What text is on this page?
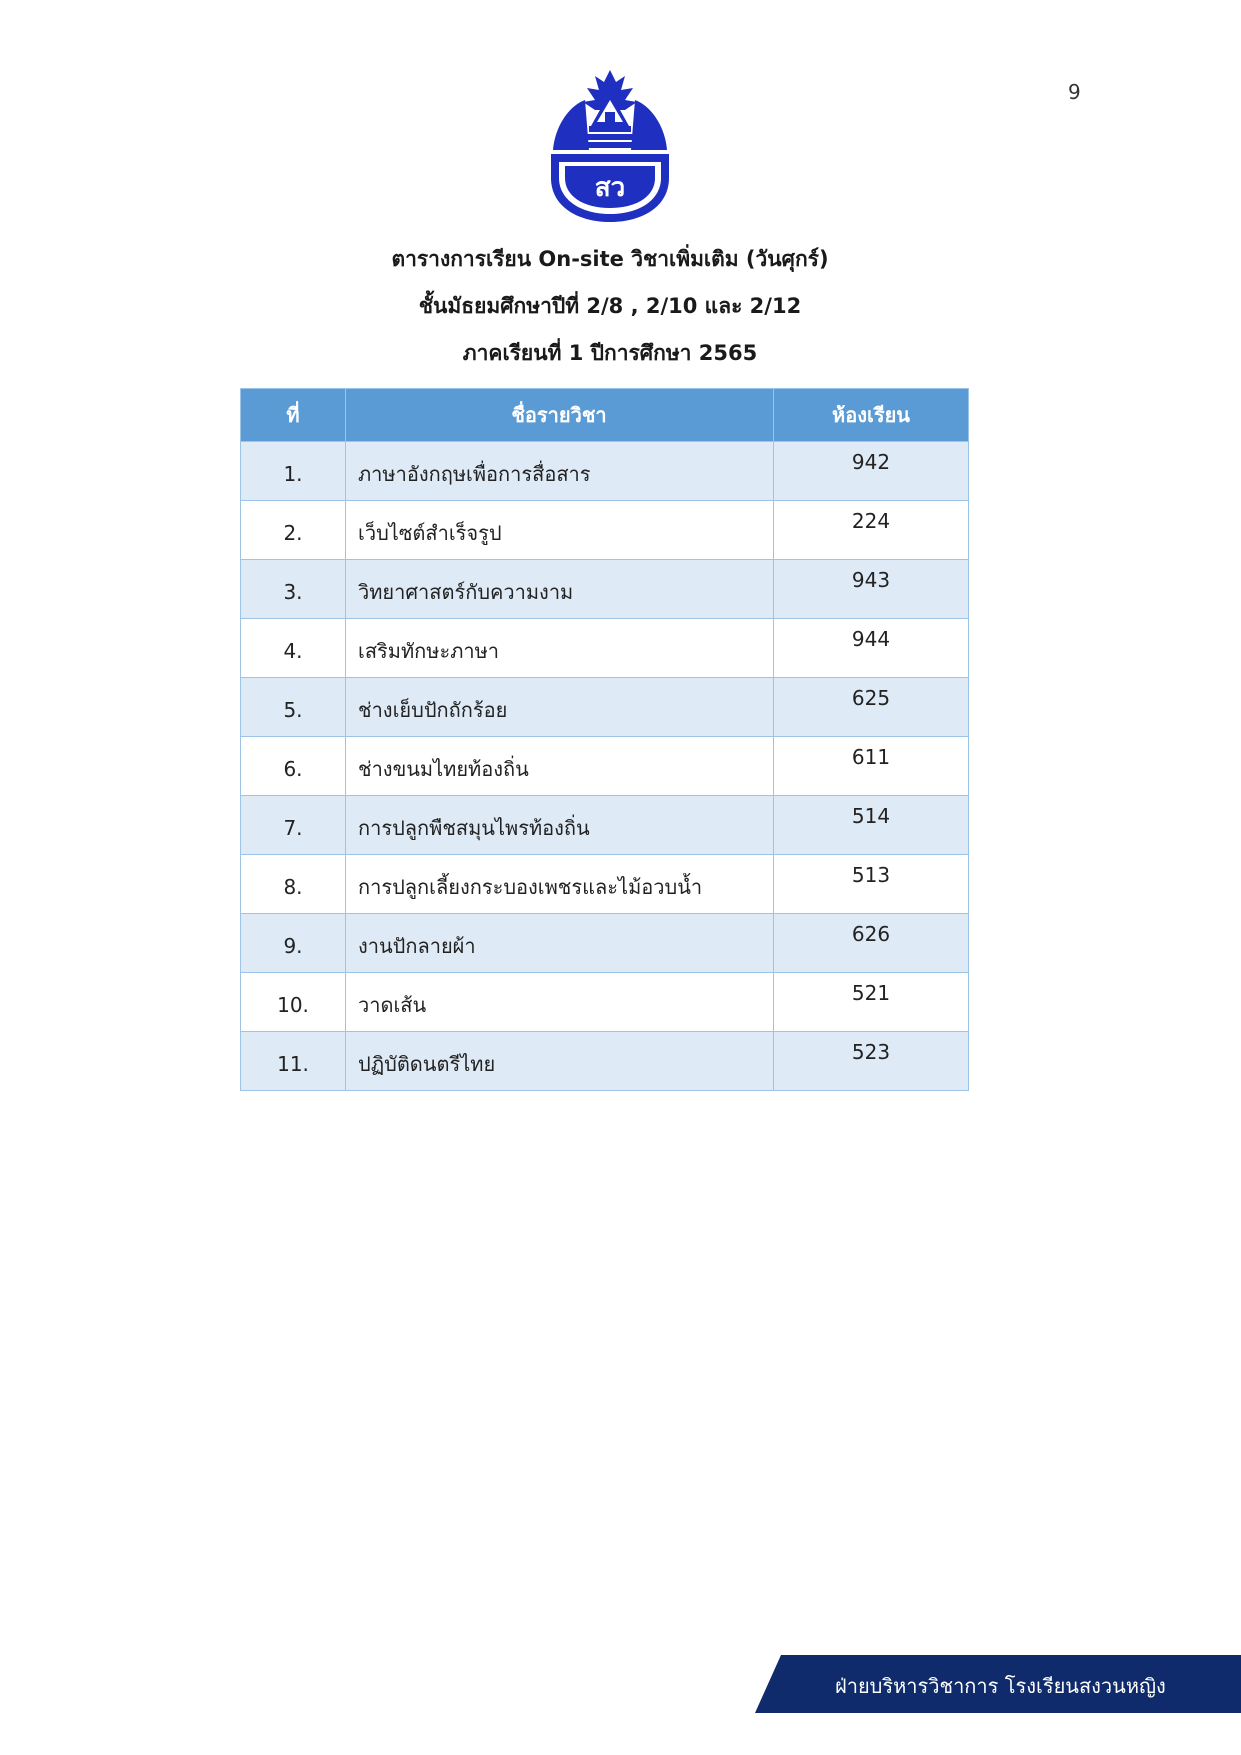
9
สว
ตารางการเรียน On-site วิชาเพิ่มเติม (วันศุกร์)
ชั้นมัธยมศึกษาปีที่ 2/8 , 2/10 และ 2/12
ภาคเรียนที่ 1 ปีการศึกษา 2565
ที่	ชื่อรายวิชา	ห้องเรียน
1.	ภาษาอังกฤษเพื่อการสื่อสาร	942
2.	เว็บไซต์สำเร็จรูป	224
3.	วิทยาศาสตร์กับความงาม	943
4.	เสริมทักษะภาษา	944
5.	ช่างเย็บปักถักร้อย	625
6.	ช่างขนมไทยท้องถิ่น	611
7.	การปลูกพืชสมุนไพรท้องถิ่น	514
8.	การปลูกเลี้ยงกระบองเพชรและไม้อวบน้ำ	513
9.	งานปักลายผ้า	626
10.	วาดเส้น	521
11.	ปฏิบัติดนตรีไทย	523
ฝ่ายบริหารวิชาการ โรงเรียนสงวนหญิง
